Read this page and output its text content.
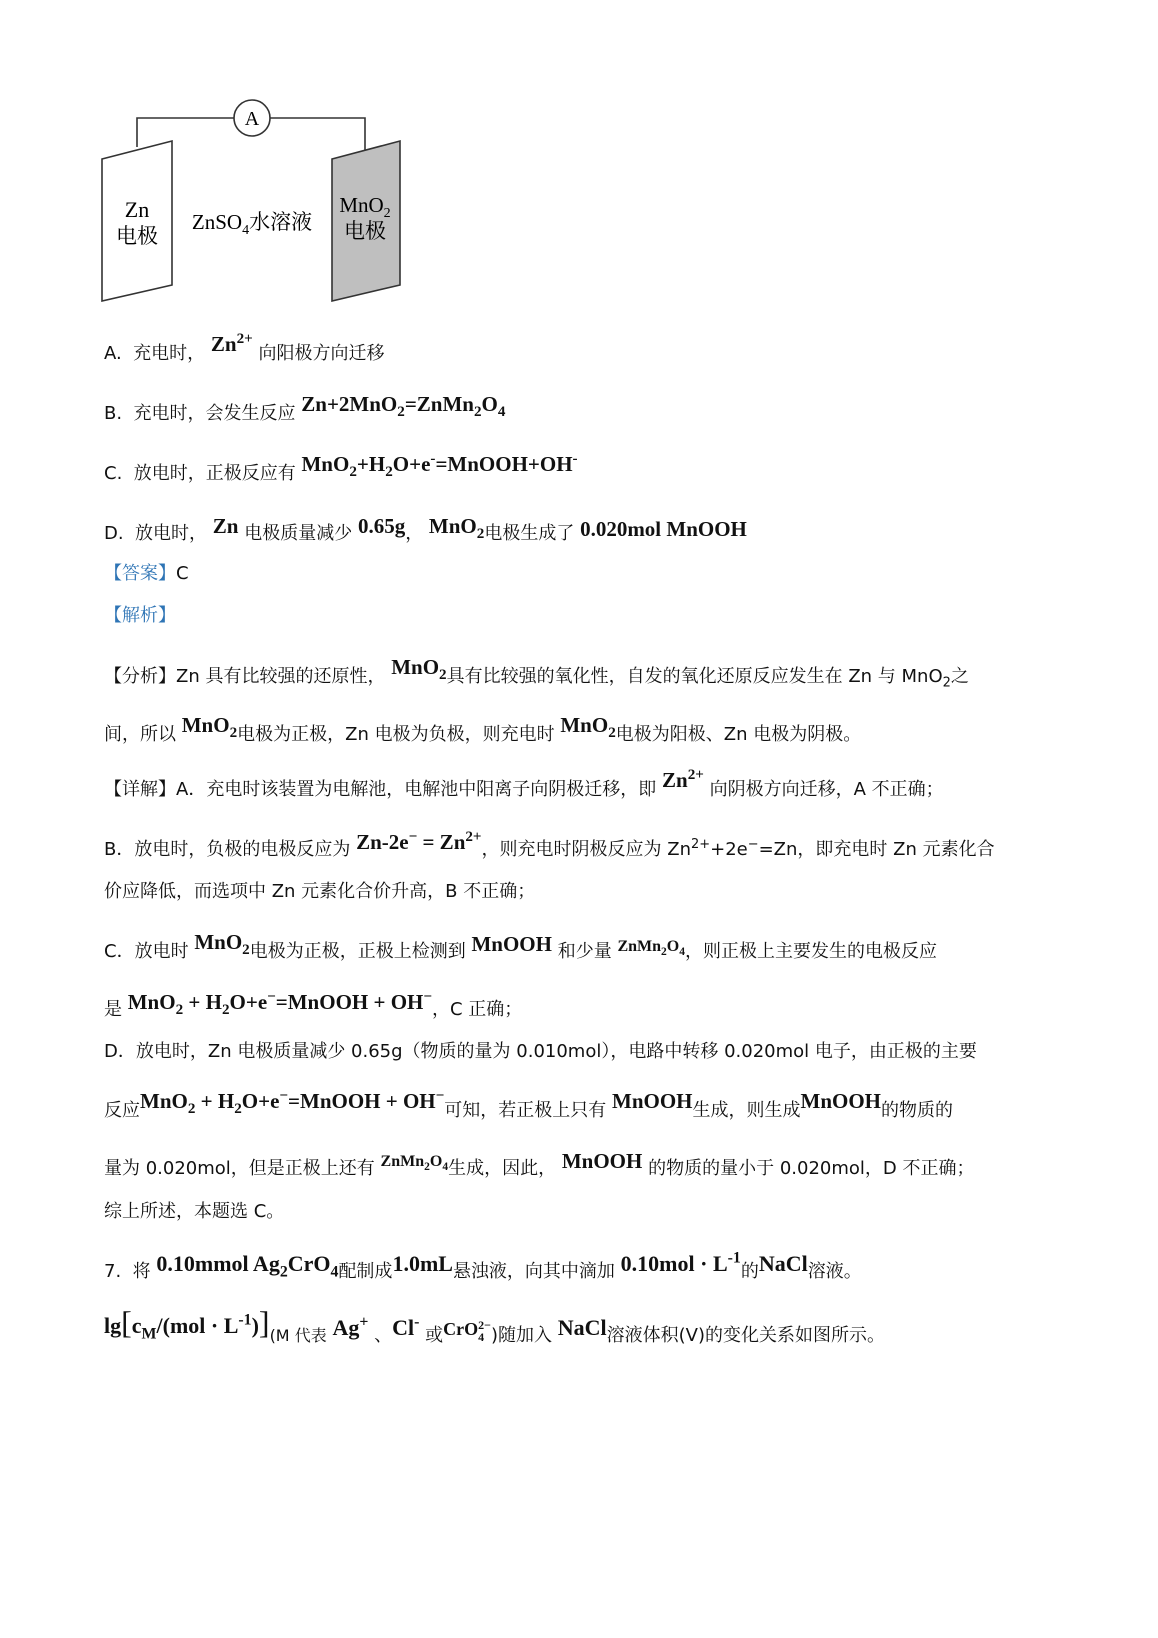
A
Zn
电极
ZnSO$_4$水溶液
MnO$_2$
电极
A. 充电时， $Zn^{2+}$ 向阳极方向迁移
B. 充电时，会发生反应 $Zn+2MnO_2=ZnMn_2O_4$
C. 放电时，正极反应有 $MnO_2+H_2O+e^-=MnOOH+OH^-$
D. 放电时， Zn 电极质量减少 0.65g， MnO$_2$电极生成了 0.020mol MnOOH
【答案】C
【解析】
【分析】Zn 具有比较强的还原性， MnO$_2$具有比较强的氧化性，自发的氧化还原反应发生在 Zn 与 MnO$_2$之
间，所以 MnO$_2$电极为正极，Zn 电极为负极，则充电时 MnO$_2$电极为阳极、Zn 电极为阴极。
【详解】A．充电时该装置为电解池，电解池中阳离子向阴极迁移，即 $Zn^{2+}$ 向阴极方向迁移，A 不正确；
B．放电时，负极的电极反应为 $Zn-2e^- = Zn^{2+}$，则充电时阴极反应为 $Zn^{2+}+2e^-=Zn$，即充电时 Zn 元素化合
价应降低，而选项中 Zn 元素化合价升高，B 不正确；
C．放电时 MnO$_2$电极为正极，正极上检测到 MnOOH 和少量 $ZnMn_2O_4$，则正极上主要发生的电极反应
是 $MnO_2 + H_2O+e^-=MnOOH + OH^-$，C 正确；
D．放电时，Zn 电极质量减少 0.65g（物质的量为 0.010mol），电路中转移 0.020mol 电子，由正极的主要
反应$MnO_2 + H_2O+e^-=MnOOH + OH^-$可知，若正极上只有 MnOOH生成，则生成MnOOH的物质的
量为 0.020mol，但是正极上还有 $ZnMn_2O_4$生成，因此， MnOOH 的物质的量小于 0.020mol，D 不正确；
综上所述，本题选 C。
7. 将 0.10mmol $Ag_2CrO_4$配制成1.0mL悬浊液，向其中滴加 $0.10mol \cdot L^{-1}$的NaCl溶液。
$\lg[c_M/(mol \cdot L^{-1})](M$ 代表 Ag+ 、Cl- 或CrO 2−
4 )随加入 NaCl溶液体积(V)的变化关系如图所示。
